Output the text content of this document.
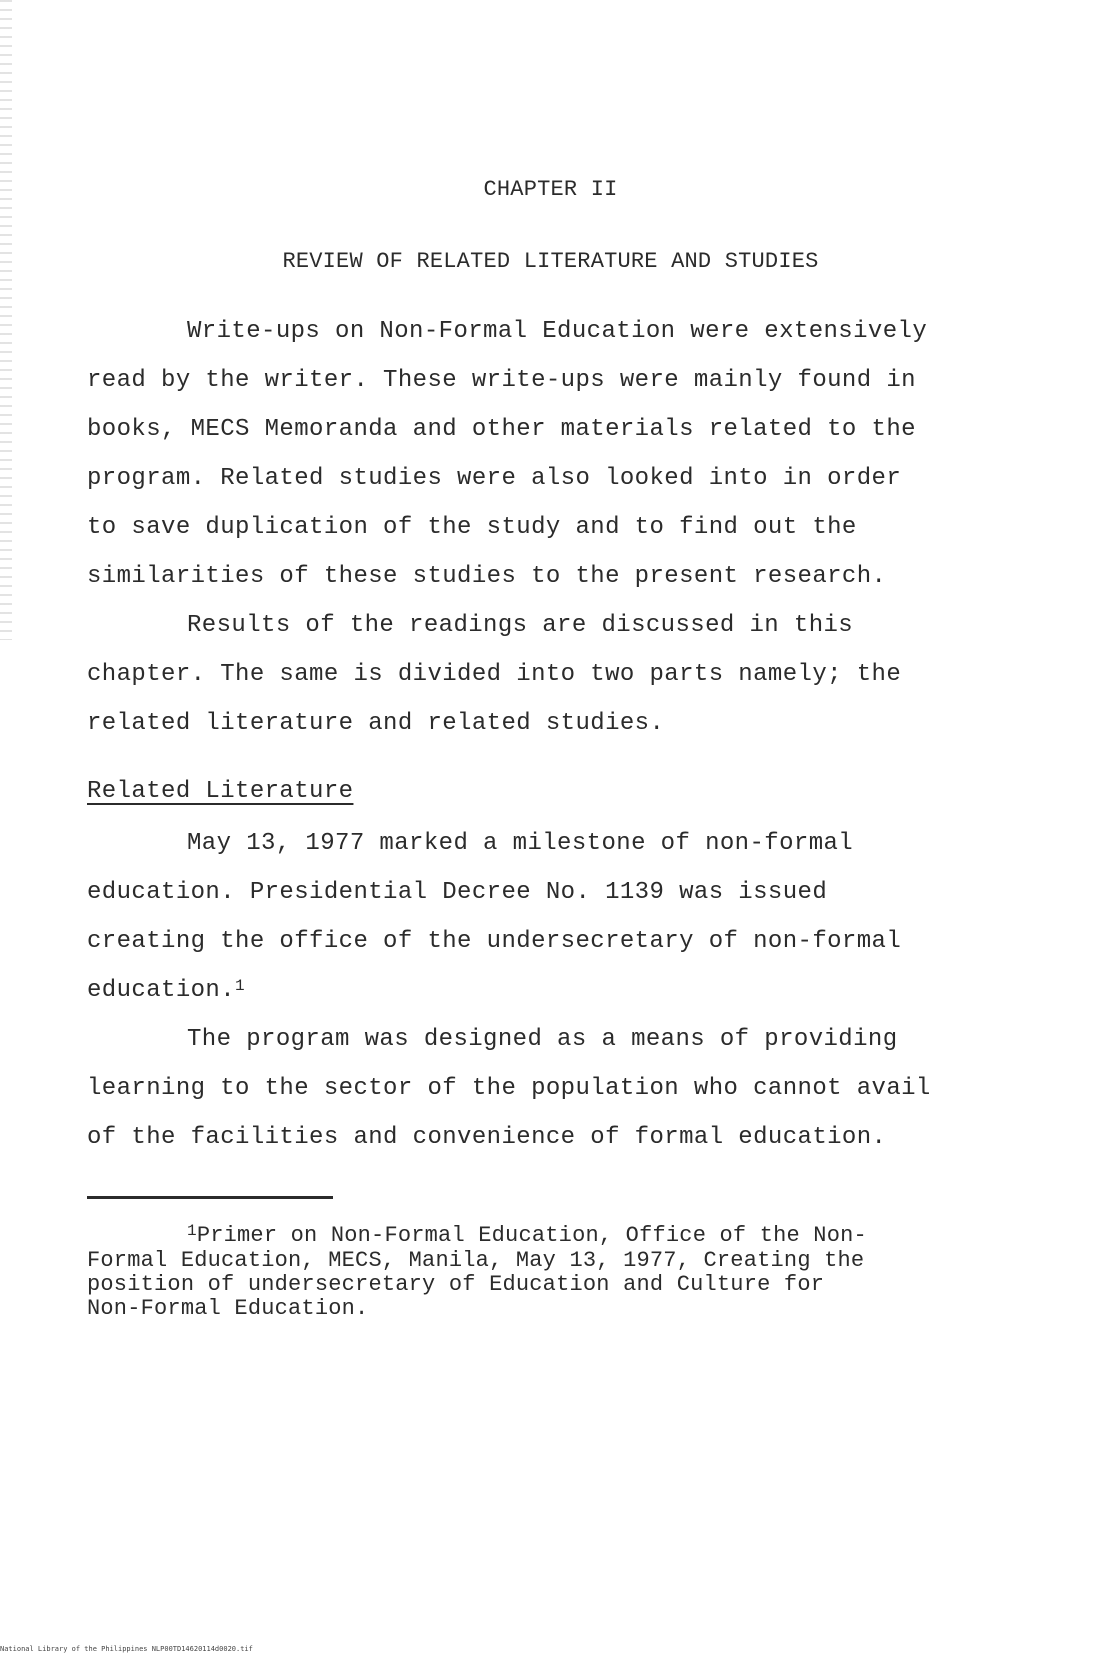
CHAPTER II
REVIEW OF RELATED LITERATURE AND STUDIES
Write-ups on Non-Formal Education were extensively
read by the writer. These write-ups were mainly found in
books, MECS Memoranda and other materials related to the
program. Related studies were also looked into in order
to save duplication of the study and to find out the
similarities of these studies to the present research.
Results of the readings are discussed in this
chapter. The same is divided into two parts namely; the
related literature and related studies.
Related Literature
May 13, 1977 marked a milestone of non-formal
education. Presidential Decree No. 1139 was issued
creating the office of the undersecretary of non-formal
education.$^1$
The program was designed as a means of providing
learning to the sector of the population who cannot avail
of the facilities and convenience of formal education.
$^1$Primer on Non-Formal Education, Office of the Non-
Formal Education, MECS, Manila, May 13, 1977, Creating the
position of undersecretary of Education and Culture for
Non-Formal Education.
National Library of the Philippines NLP00TD14620114d0020.tif
